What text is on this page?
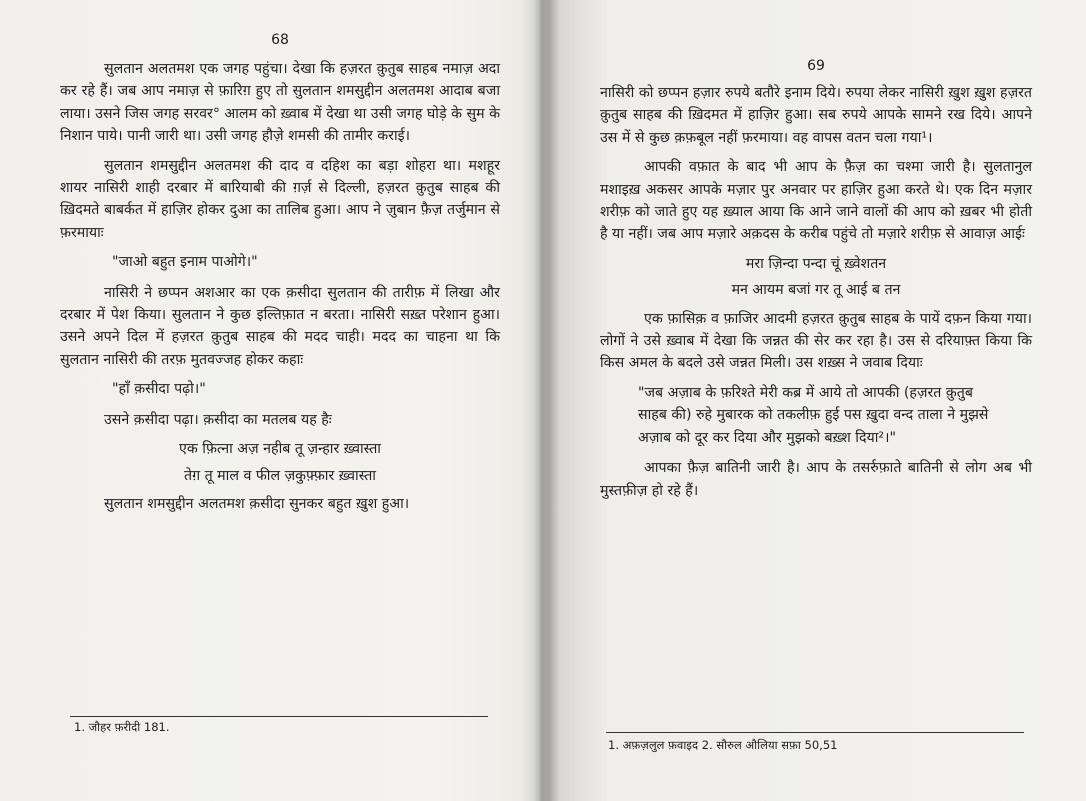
68

सुलतान अलतमश एक जगह पहुंचा। देखा कि हज़रत क़ुतुब साहब नमाज़ अदा कर रहे हैं। जब आप नमाज़ से फ़ारिग़ हुए तो सुलतान शमसुद्दीन अलतमश आदाब बजा लाया। उसने जिस जगह सरवर° आलम को ख़्वाब में देखा था उसी जगह घोड़े के सुम के निशान पाये। पानी जारी था। उसी जगह हौज़े शमसी की तामीर कराई।

सुलतान शमसुद्दीन अलतमश की दाद व दहिश का बड़ा शोहरा था। मशहूर शायर नासिरी शाही दरबार में बारियाबी की ग़र्ज़ से दिल्ली, हज़रत क़ुतुब साहब की ख़िदमते बाबर्कत में हाज़िर होकर दुआ का तालिब हुआ। आप ने ज़ुबान फ़ैज़ तर्जुमान से फ़रमायाः

"जाओ बहुत इनाम पाओगे।"

नासिरी ने छप्पन अशआर का एक क़सीदा सुलतान की तारीफ़ में लिखा और दरबार में पेश किया। सुलतान ने कुछ इल्तिफ़ात न बरता। नासिरी सख़्त परेशान हुआ। उसने अपने दिल में हज़रत क़ुतुब साहब की मदद चाही। मदद का चाहना था कि सुलतान नासिरी की तरफ़ मुतवज्जह होकर कहाः

"हाँ क़सीदा पढ़ो।"

उसने क़सीदा पढ़ा। क़सीदा का मतलब यह हैः

एक फ़ित्ना अज़ नहीब तू ज़न्हार ख़्वास्ता

तेग़ तू माल व फील ज़कुफ़्फ़ार ख़्वास्ता

सुलतान शमसुद्दीन अलतमश क़सीदा सुनकर बहुत ख़ुश हुआ।

1. जौहर फ़रीदी 181.
69

नासिरी को छप्पन हज़ार रुपये बतौरे इनाम दिये। रुपया लेकर नासिरी ख़ुश ख़ुश हज़रत क़ुतुब साहब की ख़िदमत में हाज़िर हुआ। सब रुपये आपके सामने रख दिये। आपने उस में से कुछ क़फ़बूल नहीं फ़रमाया। वह वापस वतन चला गया¹।

आपकी वफ़ात के बाद भी आप के फ़ैज़ का चश्मा जारी है। सुलतानुल मशाइख़ अकसर आपके मज़ार पुर अनवार पर हाज़िर हुआ करते थे। एक दिन मज़ार शरीफ़ को जाते हुए यह ख़्याल आया कि आने जाने वालों की आप को ख़बर भी होती है या नहीं। जब आप मज़ारे अक़दस के करीब पहुंचे तो मज़ारे शरीफ़ से आवाज़ आईः

मरा ज़िन्दा पन्दा चूं ख़्वेशतन

मन आयम बजां गर तू आई ब तन

एक फ़ासिक़ व फ़ाजिर आदमी हज़रत क़ुतुब साहब के पायें दफ़न किया गया। लोगों ने उसे ख़्वाब में देखा कि जन्नत की सेर कर रहा है। उस से दरियाफ़्त किया कि किस अमल के बदले उसे जन्नत मिली। उस शख़्स ने जवाब दियाः

"जब अज़ाब के फ़रिश्ते मेरी कब्र में आये तो आपकी (हज़रत क़ुतुब साहब की) रुहे मुबारक को तकलीफ़ हुई पस ख़ुदा वन्द ताला ने मुझसे अज़ाब को दूर कर दिया और मुझको बख़्श दिया²।"

आपका फ़ैज़ बातिनी जारी है। आप के तसर्रुफ़ाते बातिनी से लोग अब भी मुस्तफ़ीज़ हो रहे हैं।

1. अफ़ज़लुल फ़वाइद 2. सौरुल औलिया सफ़ा 50,51
